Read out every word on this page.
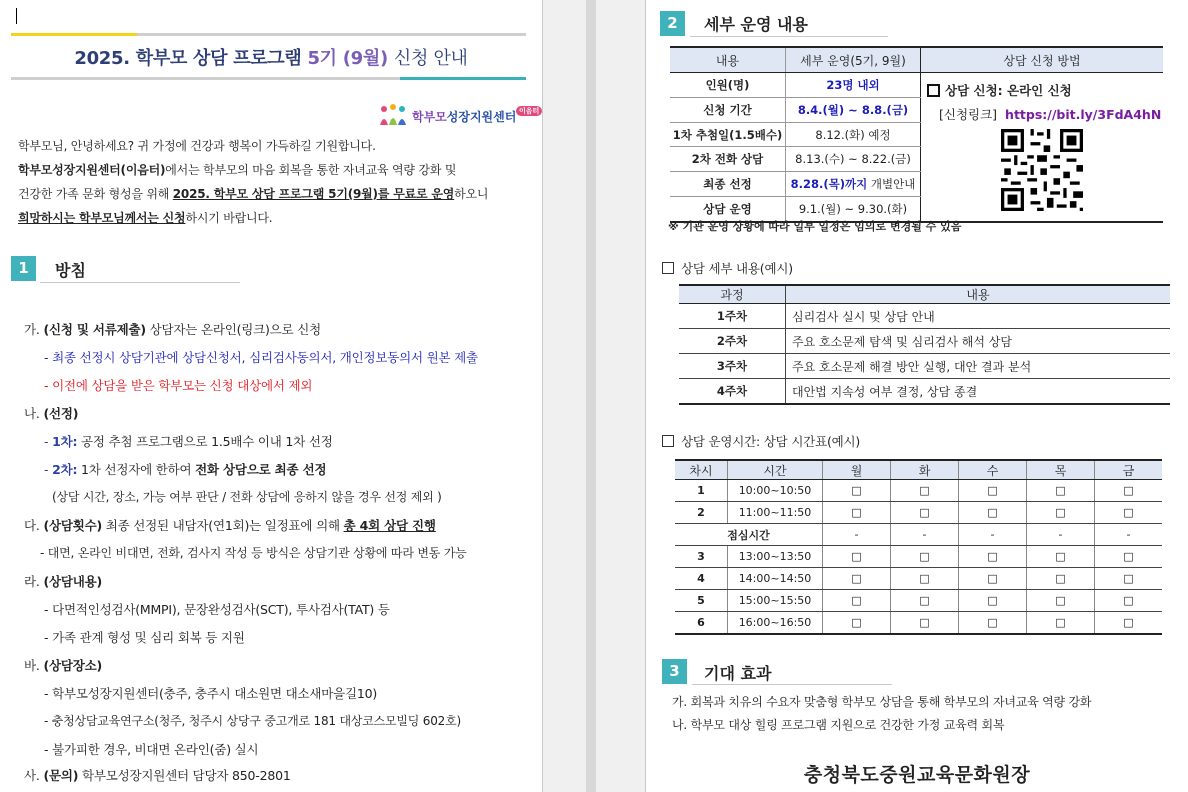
2025. 학부모 상담 프로그램 5기 (9월) 신청 안내
학부모성장지원센터 이음터
학부모님, 안녕하세요? 귀 가정에 건강과 행복이 가득하길 기원합니다.
학부모성장지원센터(이음터)에서는 학부모의 마음 회복을 통한 자녀교육 역량 강화 및
건강한 가족 문화 형성을 위해 2025. 학부모 상담 프로그램 5기(9월)를 무료로 운영하오니
희망하시는 학부모님께서는 신청하시기 바랍니다.
1	방침
가. (신청 및 서류제출) 상담자는 온라인(링크)으로 신청
- 최종 선정시 상담기관에 상담신청서, 심리검사동의서, 개인정보동의서 원본 제출
- 이전에 상담을 받은 학부모는 신청 대상에서 제외
나. (선정)
- 1차: 공정 추첨 프로그램으로 1.5배수 이내 1차 선정
- 2차: 1차 선정자에 한하여 전화 상담으로 최종 선정
(상담 시간, 장소, 가능 여부 판단 / 전화 상담에 응하지 않을 경우 선정 제외 )
다. (상담횟수) 최종 선정된 내담자(연1회)는 일정표에 의해 총 4회 상담 진행
- 대면, 온라인 비대면, 전화, 검사지 작성 등 방식은 상담기관 상황에 따라 변동 가능
라. (상담내용)
- 다면적인성검사(MMPI), 문장완성검사(SCT), 투사검사(TAT) 등
- 가족 관계 형성 및 심리 회복 등 지원
바. (상담장소)
- 학부모성장지원센터(충주, 충주시 대소원면 대소새마을길10)
- 충청상담교육연구소(청주, 청주시 상당구 중고개로 181 대상코스모빌딩 602호)
- 불가피한 경우, 비대면 온라인(줌) 실시
사. (문의) 학부모성장지원센터 담당자 850-2801
2	세부 운영 내용
내용	세부 운영(5기, 9월)	상담 신청 방법
인원(명)	23명 내외	상담 신청: 온라인 신청
[신청링크] https://bit.ly/3FdA4hN

신청 기간	8.4.(월) ~ 8.8.(금)	
1차 추첨일(1.5배수)	8.12.(화) 예정	
2차 전화 상담	8.13.(수) ~ 8.22.(금)	
최종 선정	8.28.(목)까지 개별안내	
상담 운영	9.1.(월) ~ 9.30.(화)	
※ 기관 운영 상황에 따라 일부 일정은 임의로 변경될 수 있음
상담 세부 내용(예시)
과정	내용
1주차	심리검사 실시 및 상담 안내
2주차	주요 호소문제 탐색 및 심리검사 해석 상담
3주차	주요 호소문제 해결 방안 실행, 대안 결과 분석
4주차	대안법 지속성 여부 결정, 상담 종결
상담 운영시간: 상담 시간표(예시)
차시	시간	월	화	수	목	금
1	10:00~10:50	□	□	□	□	□
2	11:00~11:50	□	□	□	□	□
점심시간		-	-	-	-	-
3	13:00~13:50	□	□	□	□	□
4	14:00~14:50	□	□	□	□	□
5	15:00~15:50	□	□	□	□	□
6	16:00~16:50	□	□	□	□	□
3	기대 효과
가. 회복과 치유의 수요자 맞춤형 학부모 상담을 통해 학부모의 자녀교육 역량 강화
나. 학부모 대상 힐링 프로그램 지원으로 건강한 가정 교육력 회복
충청북도중원교육문화원장
